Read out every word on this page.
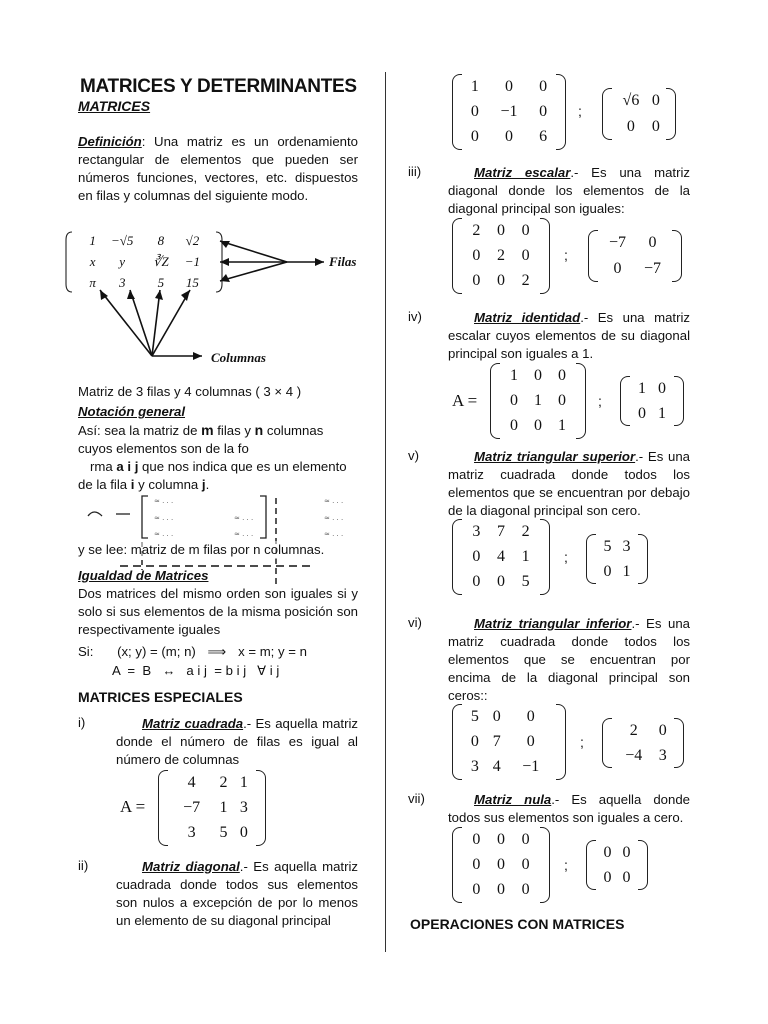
MATRICES Y DETERMINANTES
MATRICES
Definición: Una matriz es un ordenamiento rectangular de elementos que pueden ser números funciones, vectores, etc. dispuestos en filas y columnas del siguiente modo.
1	−√5	8	√2
x	y	∛Z	−1
π	3	5	15
Filas
Columnas
Matriz de 3 filas y 4 columnas ( 3 × 4 )
Notación general
Así: sea la matriz de m filas y n columnas
cuyos elementos son de la fo
rma a i j que nos indica que es un elemento
de la fila i y columna j.
≈ . . .
≈ . . .
≈ . . .
≈ . . .
≈ . . .
≈ . . .
≈ . . .
≈ . . .
y se lee: matriz de m filas por n columnas.
Igualdad de Matrices
Dos matrices del mismo orden son iguales si y solo si sus elementos de la misma posición son respectivamente iguales
Si: (x; y) = (m; n) ⟹ x = m; y = n
A  =  B   ↔   a i j  = b i j   ∀ i j
MATRICES ESPECIALES
i)	Matriz cuadrada.- Es aquella matriz donde el número de filas es igual al número de columnas
A =
4	2	1
−7	1	3
3	5	0
ii)	Matriz diagonal.- Es aquella matriz cuadrada donde todos sus elementos son nulos a excepción de por lo menos un elemento de su diagonal principal
1	0	0
0	−1	0
0	0	6
;
√6	0
0	0
iii)	Matriz escalar.- Es una matriz diagonal donde los elementos de la diagonal principal son iguales:
2	0	0
0	2	0
0	0	2
;
−7	0
0	−7
iv)	Matriz identidad.- Es una matriz escalar cuyos elementos de su diagonal principal son iguales a 1.
A =
1	0	0
0	1	0
0	0	1
;
1	0
0	1
v)	Matriz triangular superior.- Es una matriz cuadrada donde todos los elementos que se encuentran por debajo de la diagonal principal son cero.
3	7	2
0	4	1
0	0	5
;
5	3
0	1
vi)	Matriz triangular inferior.- Es una matriz cuadrada donde todos los elementos que se encuentran por encima de la diagonal principal son ceros::
5	0	0
0	7	0
3	4	−1
;
2	0
−4	3
vii)	Matriz nula.- Es aquella donde todos sus elementos son iguales a cero.
0	0	0
0	0	0
0	0	0
;
0	0
0	0
OPERACIONES CON MATRICES
